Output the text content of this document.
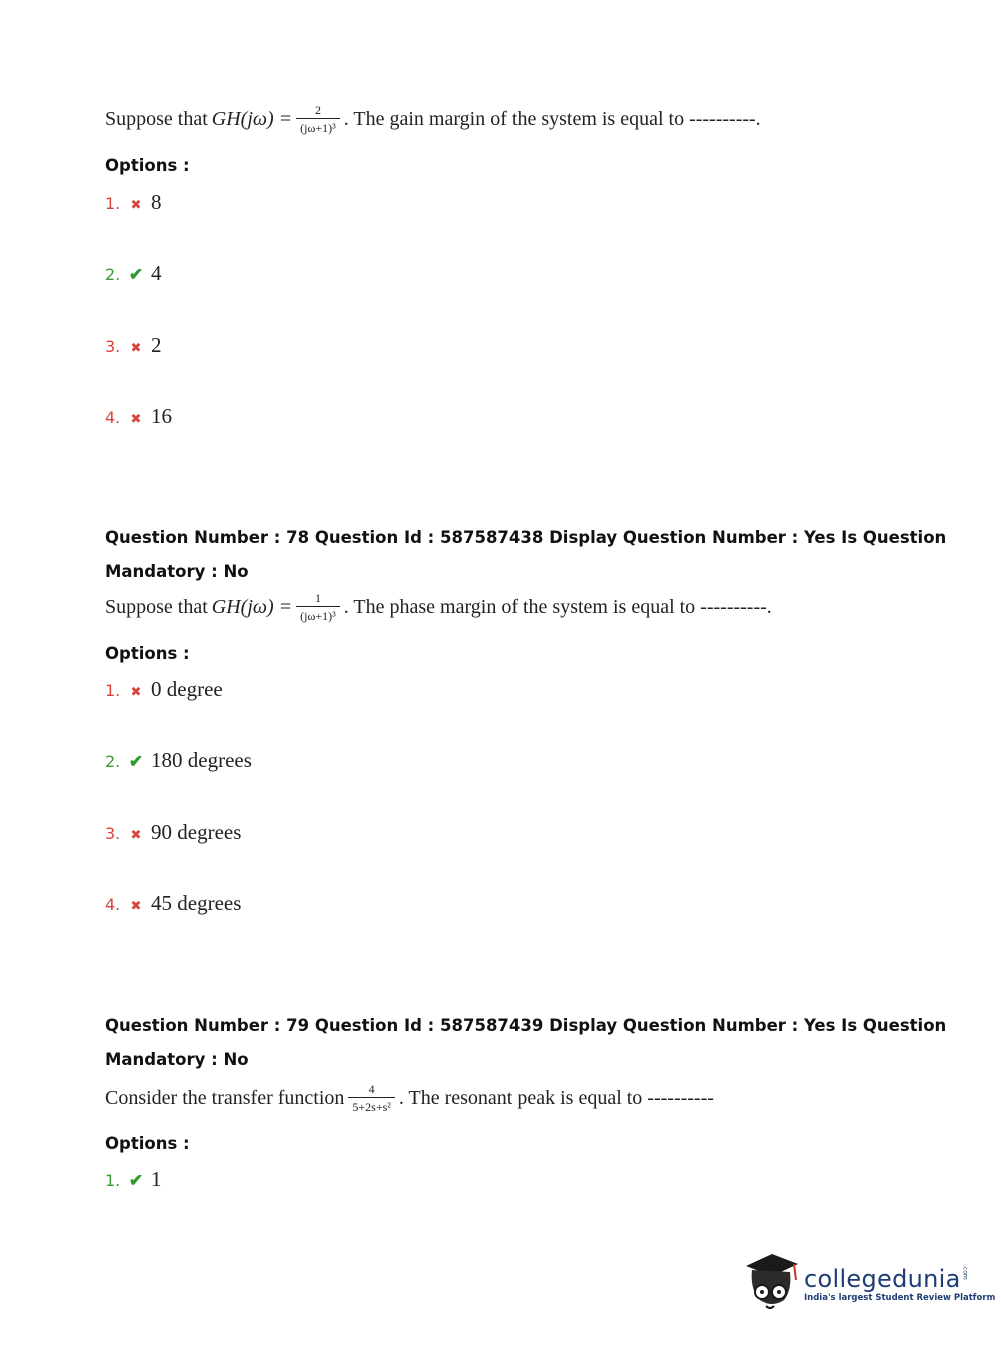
Suppose that $GH(j\omega) = \frac{2}{\text{(jω+1)³}}$ . The gain margin of the system is equal to ----------.
Options :
1. ✖ 8
2. ✔ 4
3. ✖ 2
4. ✖ 16
Question Number : 78 Question Id : 587587438 Display Question Number : Yes Is Question
Mandatory : No
Suppose that $GH(j\omega) = \frac{1}{\text{(jω+1)³}}$ . The phase margin of the system is equal to ----------.
Options :
1. ✖ 0 degree
2. ✔ 180 degrees
3. ✖ 90 degrees
4. ✖ 45 degrees
Question Number : 79 Question Id : 587587439 Display Question Number : Yes Is Question
Mandatory : No
Consider the transfer function $\frac{4}{\text{5+2s+s²}}$ . The resonant peak is equal to ----------
Options :
1. ✔ 1
collegedunia .com
India's largest Student Review Platform
